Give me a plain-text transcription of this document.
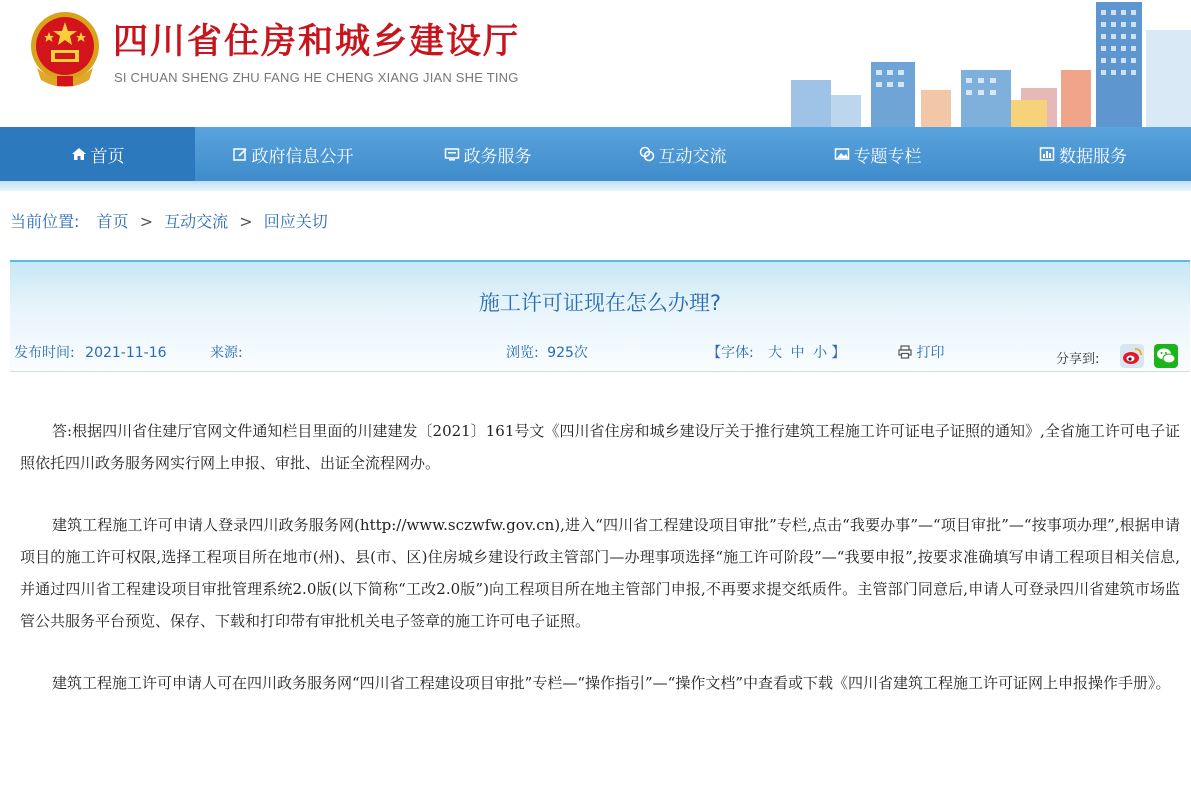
四川省住房和城乡建设厅
SI CHUAN SHENG ZHU FANG HE CHENG XIANG JIAN SHE TING
请在此输入您要搜索的内容
首页	政府信息公开	政务服务	互动交流	专题专栏	数据服务
当前位置: 首页 > 互动交流 > 回应关切
施工许可证现在怎么办理?
发布时间: 2021-11-16	来源:	浏览: 925次	【字体: 大 中 小 】	打印	分享到:

答:根据四川省住建厅官网文件通知栏目里面的川建建发〔2021〕161号文《四川省住房和城乡建设厅关于推行建筑工程施工许可证电子证照的通知》,全省施工许可电子证照依托四川政务服务网实行网上申报、审批、出证全流程网办。

建筑工程施工许可申请人登录四川政务服务网(http://www.sczwfw.gov.cn),进入“四川省工程建设项目审批”专栏,点击“我要办事”—“项目审批”—“按事项办理”,根据申请项目的施工许可权限,选择工程项目所在地市(州)、县(市、区)住房城乡建设行政主管部门—办理事项选择“施工许可阶段”—“我要申报”,按要求准确填写申请工程项目相关信息,并通过四川省工程建设项目审批管理系统2.0版(以下简称“工改2.0版”)向工程项目所在地主管部门申报,不再要求提交纸质件。主管部门同意后,申请人可登录四川省建筑市场监管公共服务平台预览、保存、下载和打印带有审批机关电子签章的施工许可电子证照。

建筑工程施工许可申请人可在四川政务服务网“四川省工程建设项目审批”专栏—“操作指引”—“操作文档”中查看或下载《四川省建筑工程施工许可证网上申报操作手册》。
